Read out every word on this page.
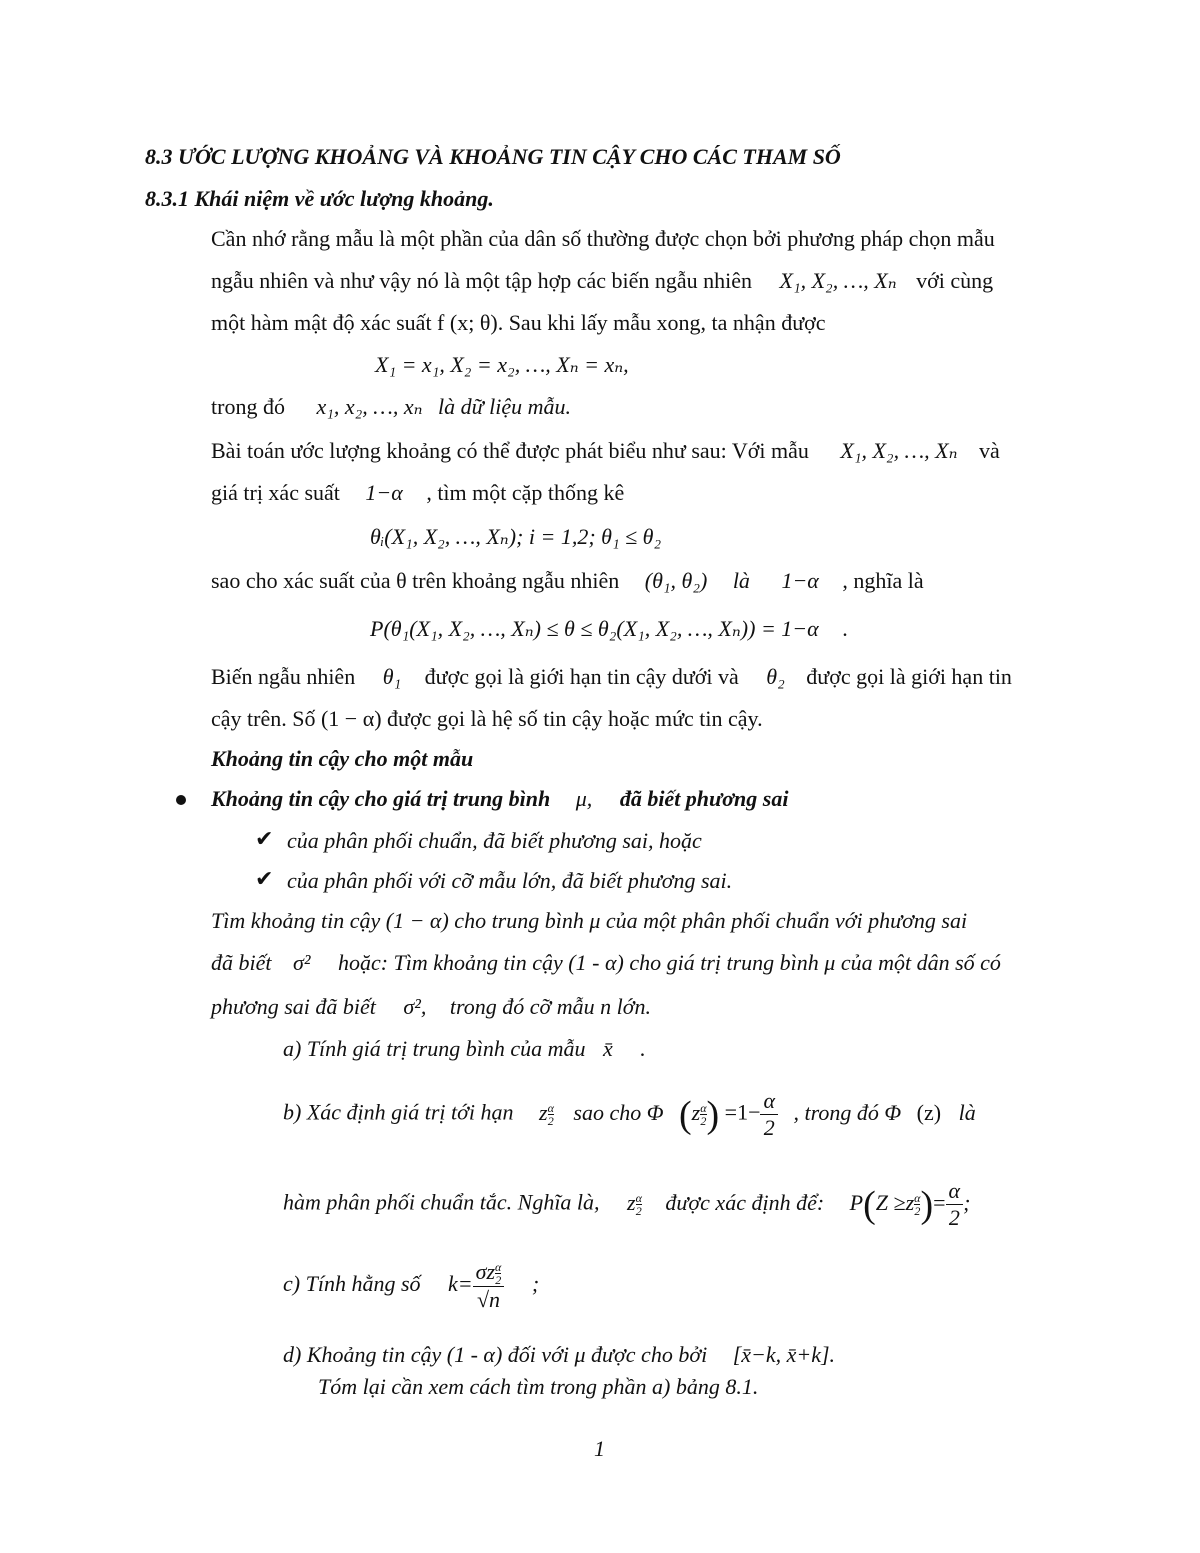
8.3 ƯỚC LƯỢNG KHOẢNG VÀ KHOẢNG TIN CẬY CHO CÁC THAM SỐ
8.3.1 Khái niệm về ước lượng khoảng.
Cần nhớ rằng mẫu là một phần của dân số thường được chọn bởi phương pháp chọn mẫu
ngẫu nhiên và như vậy nó là một tập hợp các biến ngẫu nhiên X₁, X₂, …, Xₙ với cùng
một hàm mật độ xác suất f (x; θ). Sau khi lấy mẫu xong, ta nhận được
X₁ = x₁, X₂ = x₂, …, Xₙ = xₙ,
trong đó x₁, x₂, …, xₙ là dữ liệu mẫu.
Bài toán ước lượng khoảng có thể được phát biểu như sau: Với mẫu X₁, X₂, …, Xₙ và
giá trị xác suất 1−α , tìm một cặp thống kê
θᵢ(X₁, X₂, …, Xₙ); i = 1,2; θ₁ ≤ θ₂
sao cho xác suất của θ trên khoảng ngẫu nhiên (θ₁, θ₂) là 1−α , nghĩa là
P(θ₁(X₁, X₂, …, Xₙ) ≤ θ ≤ θ₂(X₁, X₂, …, Xₙ)) = 1−α .
Biến ngẫu nhiên θ₁ được gọi là giới hạn tin cậy dưới và θ₂ được gọi là giới hạn tin
cậy trên. Số (1 − α) được gọi là hệ số tin cậy hoặc mức tin cậy.
Khoảng tin cậy cho một mẫu
Khoảng tin cậy cho giá trị trung bình μ, đã biết phương sai
✔ của phân phối chuẩn, đã biết phương sai, hoặc
✔ của phân phối với cỡ mẫu lớn, đã biết phương sai.
Tìm khoảng tin cậy (1 − α) cho trung bình μ của một phân phối chuẩn với phương sai
đã biết σ² hoặc: Tìm khoảng tin cậy (1 - α) cho giá trị trung bình μ của một dân số có
phương sai đã biết σ², trong đó cỡ mẫu n lớn.
a) Tính giá trị trung bình của mẫu x̄ .
b) Xác định giá trị tới hạn z $\frac{\alpha}{2}$ sao cho Φ ($z \frac{\alpha}{2}$ ) $=1- \frac{\alpha}{2}$ , trong đó Φ (z) là
hàm phân phối chuẩn tắc. Nghĩa là, z $\frac{\alpha}{2}$ được xác định để: $P(Z \ge z \frac{\alpha}{2}$ )= $\frac{\alpha}{2}$ ;
c) Tính hằng số $k= \frac{\sigma z \frac{\alpha}{2}}{√n}$ ;
d) Khoảng tin cậy (1 - α) đối với μ được cho bởi [x̄−k, x̄+k].
Tóm lại cần xem cách tìm trong phần a) bảng 8.1.
1
